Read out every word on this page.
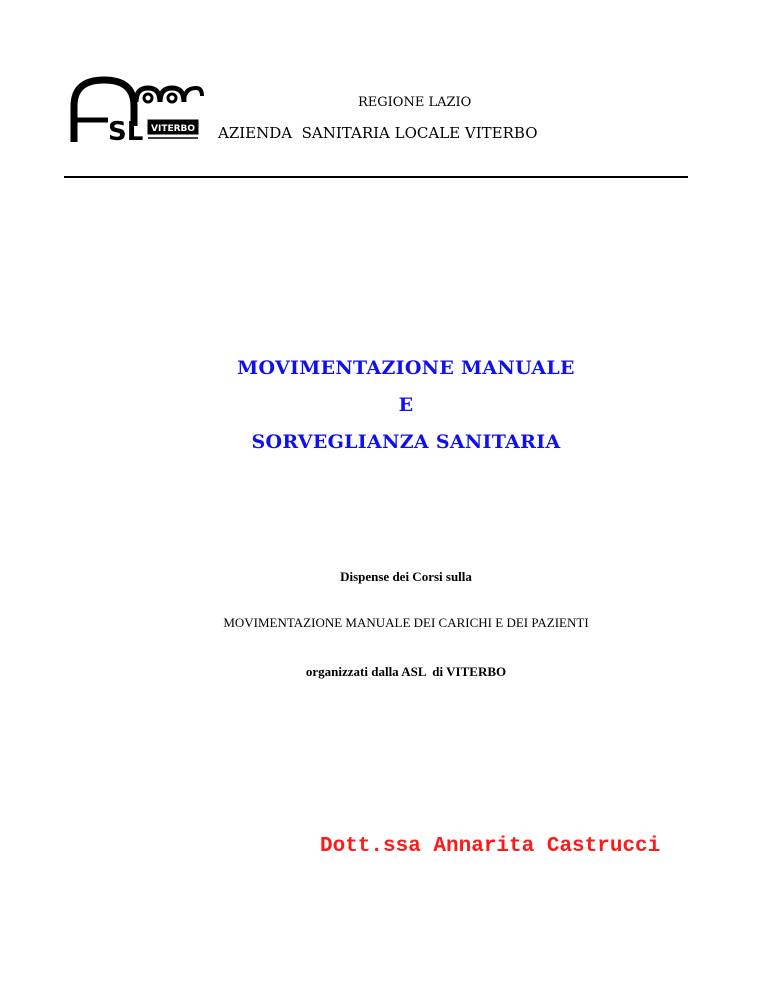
SL VITERBO
REGIONE LAZIO
AZIENDA  SANITARIA LOCALE VITERBO
MOVIMENTAZIONE MANUALE
E
SORVEGLIANZA SANITARIA
Dispense dei Corsi sulla
MOVIMENTAZIONE MANUALE DEI CARICHI E DEI PAZIENTI
organizzati dalla ASL  di VITERBO
Dott.ssa Annarita Castrucci
